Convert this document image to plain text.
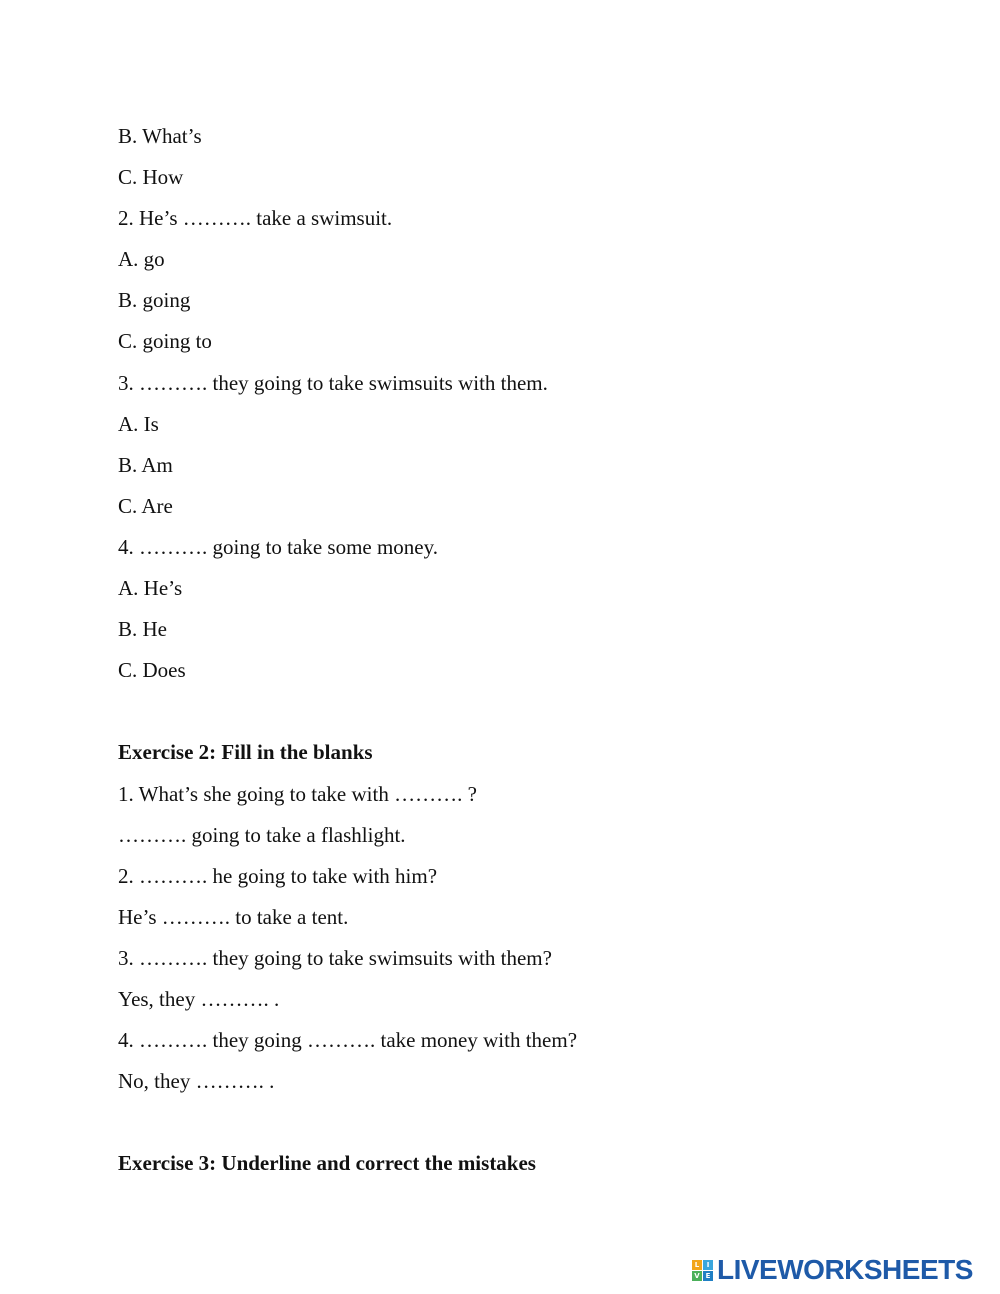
B. What’s
C. How
2. He’s ………. take a swimsuit.
A. go
B. going
C. going to
3. ………. they going to take swimsuits with them.
A. Is
B. Am
C. Are
4. ………. going to take some money.
A. He’s
B. He
C. Does
Exercise 2: Fill in the blanks
1. What’s she going to take with ………. ?
………. going to take a flashlight.
2. ………. he going to take with him?
He’s ………. to take a tent.
3. ………. they going to take swimsuits with them?
Yes, they ………. .
4. ………. they going ………. take money with them?
No, they ………. .
Exercise 3: Underline and correct the mistakes
L	I
V E LIVEWORKSHEETS
